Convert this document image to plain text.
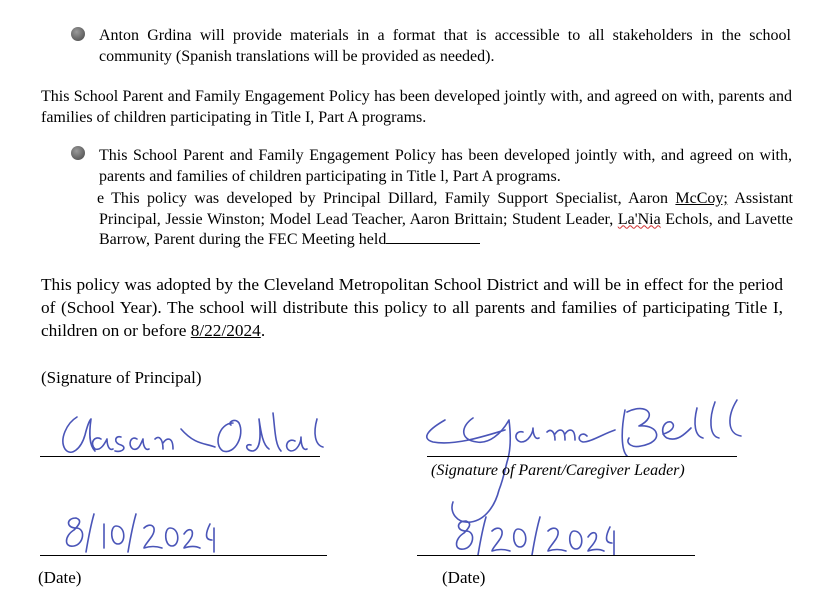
Anton Grdina will provide materials in a format that is accessible to all stakeholders in the school community (Spanish translations will be provided as needed).
This School Parent and Family Engagement Policy has been developed jointly with, and agreed on with, parents and families of children participating in Title I, Part A programs.
This School Parent and Family Engagement Policy has been developed jointly with, and agreed on with, parents and families of children participating in Title l, Part A programs.
e This policy was developed by Principal Dillard, Family Support Specialist, Aaron McCoy; Assistant Principal, Jessie Winston; Model Lead Teacher, Aaron Brittain; Student Leader, La'Nia Echols, and Lavette Barrow, Parent during the FEC Meeting held
This policy was adopted by the Cleveland Metropolitan School District and will be in effect for the period of (School Year). The school will distribute this policy to all parents and families of participating Title I, children on or before 8/22/2024.
(Signature of Principal)
(Signature of Parent/Caregiver Leader)
(Date)	(Date)
